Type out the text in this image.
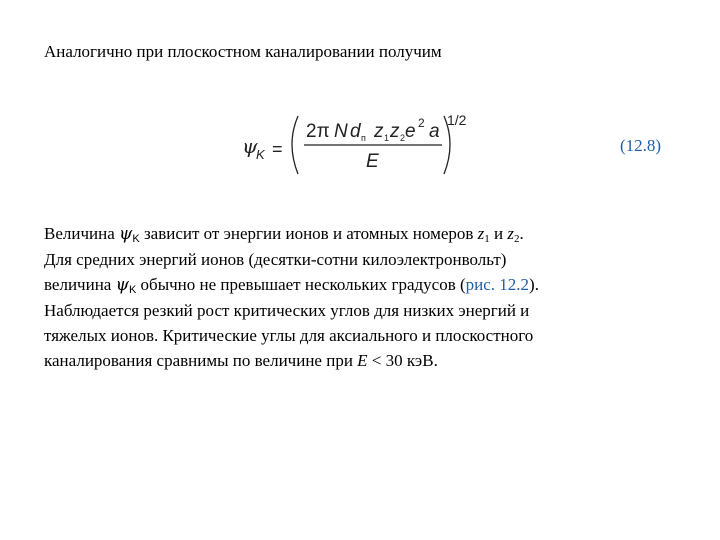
Аналогично при плоскостном каналировании получим
ψ
K =
2π N d п z 1 z 2 e 2 a
E
1/2
(12.8)
Величина $\psi_K$ зависит от энергии ионов и атомных номеров $z_1$ и $z_2$.
Для средних энергий ионов (десятки-сотни килоэлектронвольт)
величина $\psi_K$ обычно не превышает нескольких градусов (рис. 12.2).
Наблюдается резкий рост критических углов для низких энергий и
тяжелых ионов. Критические углы для аксиального и плоскостного
каналирования сравнимы по величине при E < 30 кэВ.
